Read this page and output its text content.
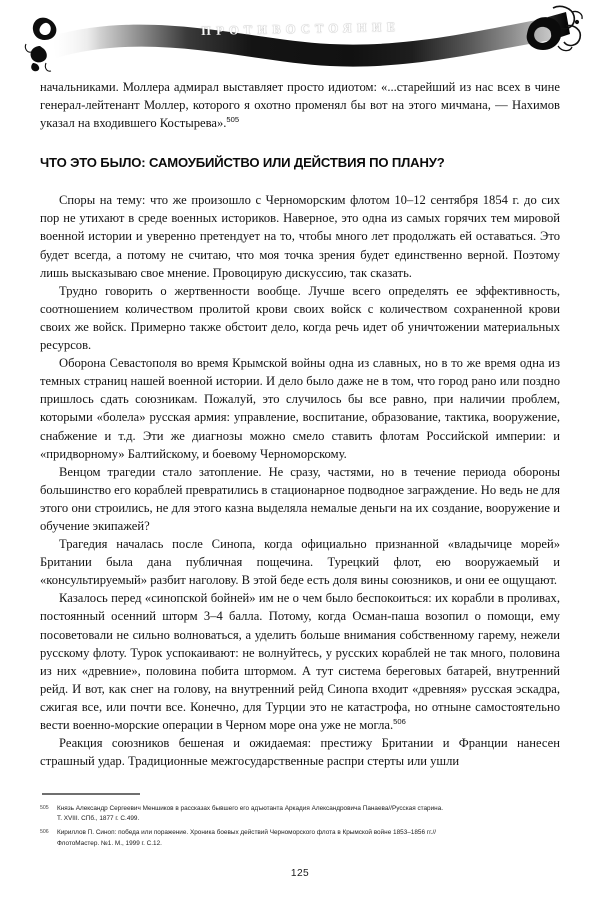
ПРОТИВОСТОЯНИЕ

начальниками. Моллера адмирал выставляет просто идиотом: «...старейший из нас всех в чине генерал-лейтенант Моллер, которого я охотно променял бы вот на этого мичмана, — Нахимов указал на входившего Костырева».$^{505}$

ЧТО ЭТО БЫЛО: САМОУБИЙСТВО ИЛИ ДЕЙСТВИЯ ПО ПЛАНУ?

Споры на тему: что же произошло с Черноморским флотом 10–12 сентября 1854 г. до сих пор не утихают в среде военных историков. Наверное, это одна из самых горячих тем мировой военной истории и уверенно претендует на то, чтобы много лет продолжать ей оставаться. Это будет всегда, а потому не считаю, что моя точка зрения будет единственно верной. Поэтому лишь высказываю свое мнение. Провоцирую дискуссию, так сказать.

Трудно говорить о жертвенности вообще. Лучше всего определять ее эффективность, соотношением количеством пролитой крови своих войск с количеством сохраненной крови своих же войск. Примерно также обстоит дело, когда речь идет об уничтожении материальных ресурсов.

Оборона Севастополя во время Крымской войны одна из славных, но в то же время одна из темных страниц нашей военной истории. И дело было даже не в том, что город рано или поздно пришлось сдать союзникам. Пожалуй, это случилось бы все равно, при наличии проблем, которыми «болела» русская армия: управление, воспитание, образование, тактика, вооружение, снабжение и т.д. Эти же диагнозы можно смело ставить флотам Российской империи: и «придворному» Балтийскому, и боевому Черноморскому.

Венцом трагедии стало затопление. Не сразу, частями, но в течение периода обороны большинство его кораблей превратились в стационарное подводное заграждение. Но ведь не для этого они строились, не для этого казна выделяла немалые деньги на их создание, вооружение и обучение экипажей?

Трагедия началась после Синопа, когда официально признанной «владычице морей» Британии была дана публичная пощечина. Турецкий флот, ею вооружаемый и «консультируемый» разбит наголову. В этой беде есть доля вины союзников, и они ее ощущают.

Казалось перед «синопской бойней» им не о чем было беспокоиться: их корабли в проливах, постоянный осенний шторм 3–4 балла. Потому, когда Осман-паша возопил о помощи, ему посоветовали не сильно волноваться, а уделить больше внимания собственному гарему, нежели русскому флоту. Турок успокаивают: не волнуйтесь, у русских кораблей не так много, половина из них «древние», половина побита штормом. А тут система береговых батарей, внутренний рейд. И вот, как снег на голову, на внутренний рейд Синопа входит «древняя» русская эскадра, сжигая все, или почти все. Конечно, для Турции это не катастрофа, но отныне самостоятельно вести военно-морские операции в Черном море она уже не могла.$^{506}$

Реакция союзников бешеная и ожидаемая: престижу Британии и Франции нанесен страшный удар. Традиционные межгосударственные распри стерты или ушли

505	Князь Александр Сергеевич Меншиков в рассказах бывшего его адъютанта Аркадия Александровича Панаева//Русская старина.
Т. XVIII. СПб., 1877 г. С.499.
506	Кириллов П. Синоп: победа или поражение. Хроника боевых действий Черноморского флота в Крымской войне 1853–1856 гг.//
ФлотоМастер. №1. М., 1999 г. С.12.
125
